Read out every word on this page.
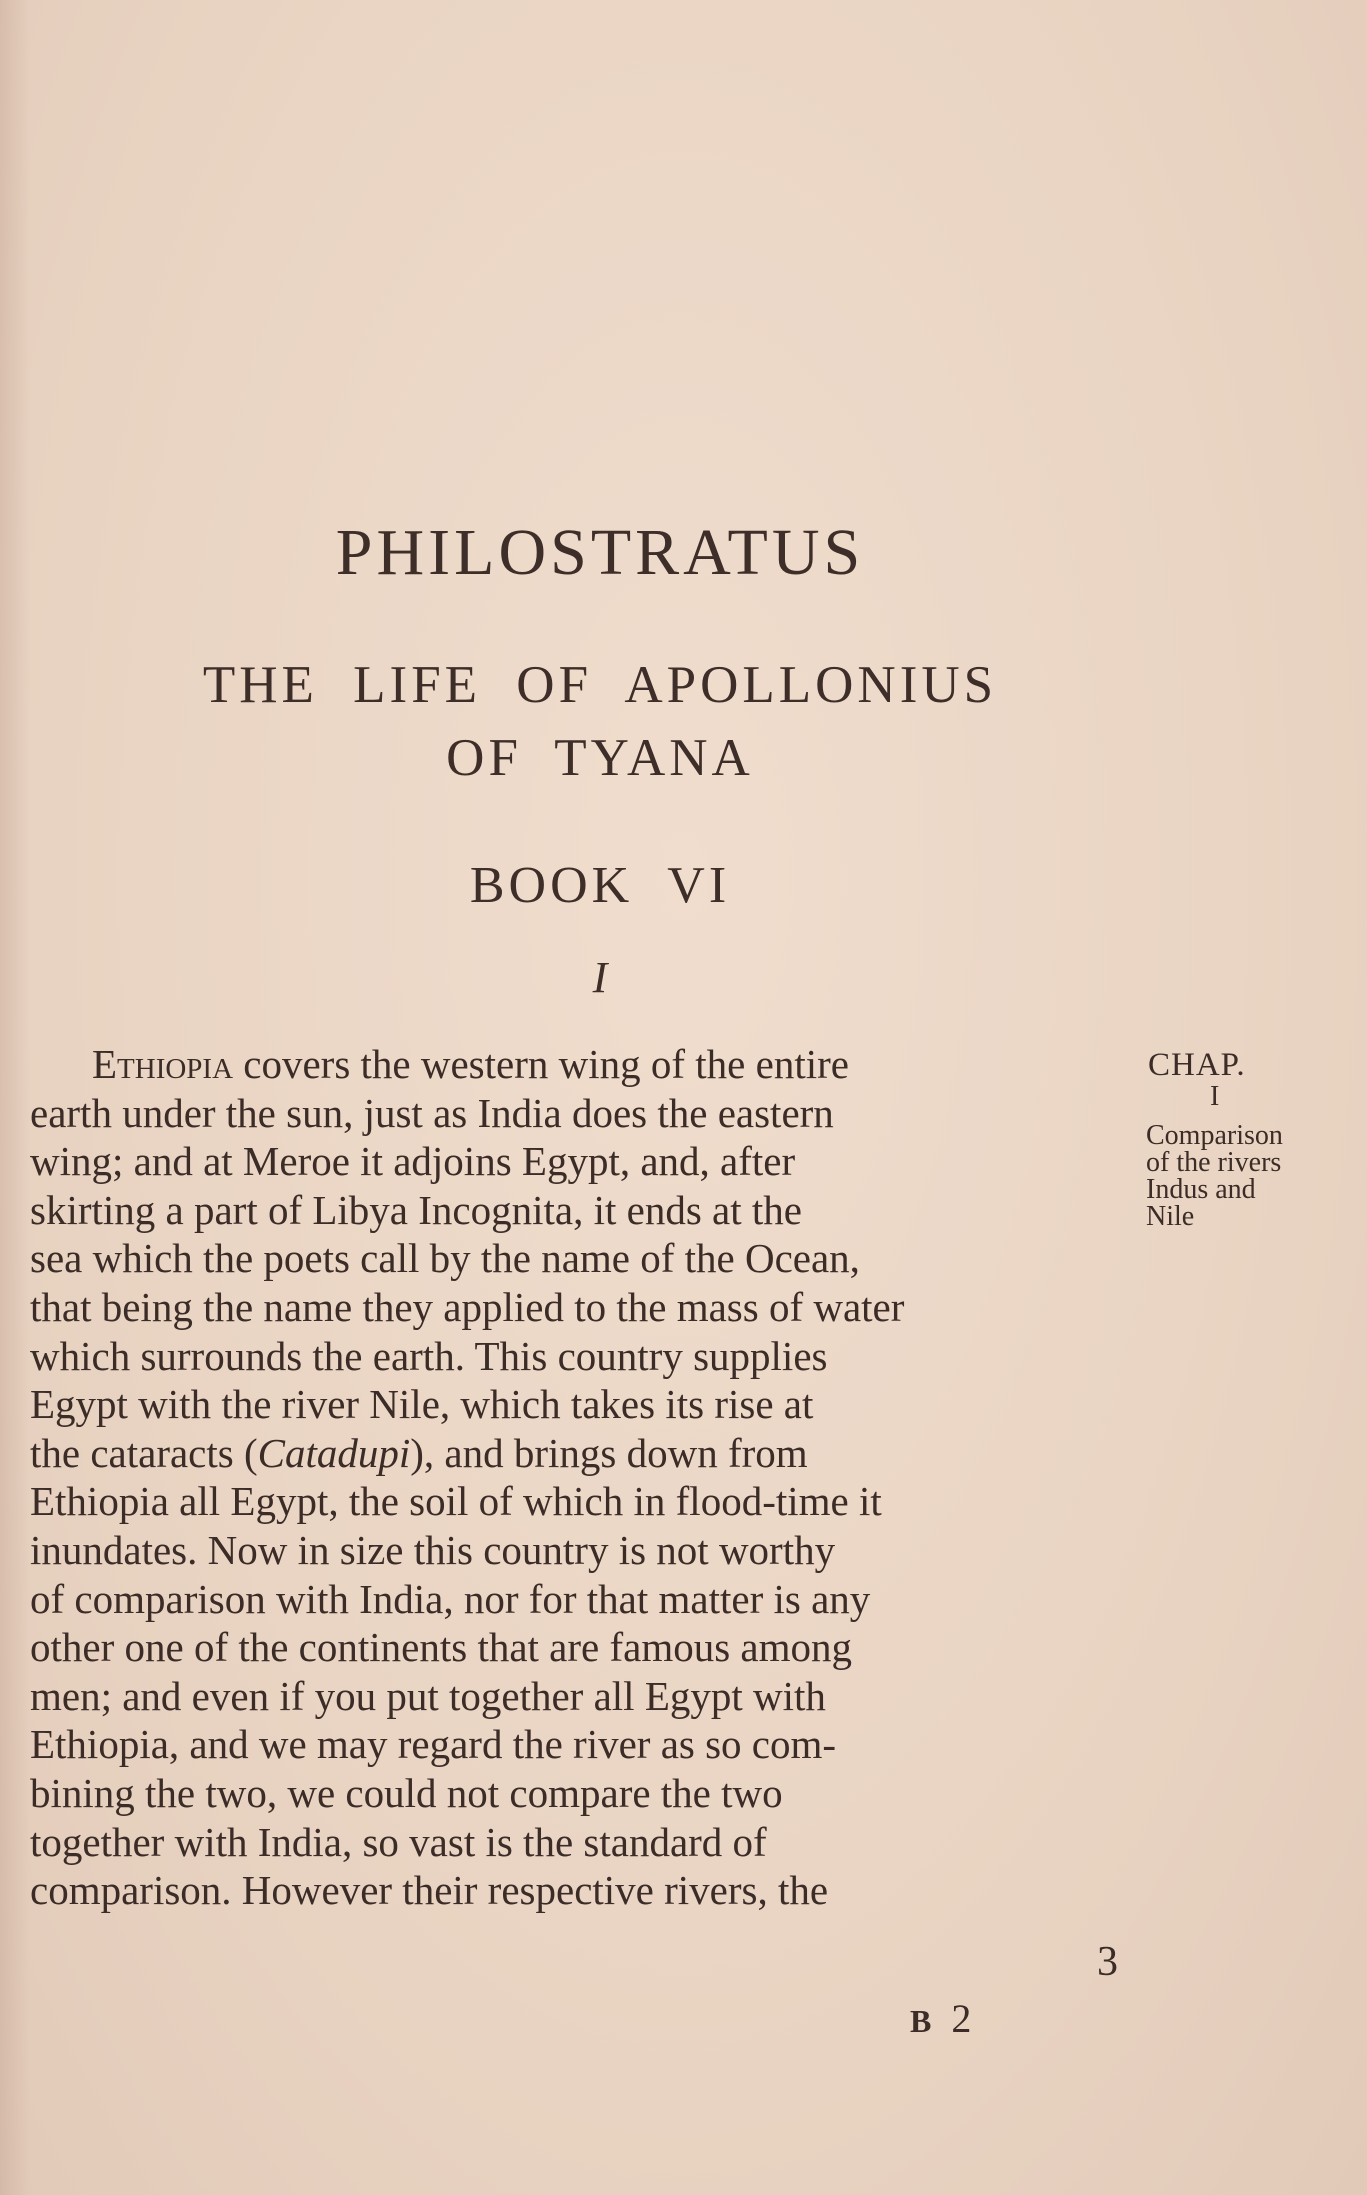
PHILOSTRATUS
THE LIFE OF APOLLONIUS
OF TYANA
BOOK VI
I
CHAP.
I
Comparison
of the rivers
Indus and
Nile
Ethiopia covers the western wing of the entire
earth under the sun, just as India does the eastern
wing; and at Meroe it adjoins Egypt, and, after
skirting a part of Libya Incognita, it ends at the
sea which the poets call by the name of the Ocean,
that being the name they applied to the mass of water
which surrounds the earth. This country supplies
Egypt with the river Nile, which takes its rise at
the cataracts (Catadupi), and brings down from
Ethiopia all Egypt, the soil of which in flood-time it
inundates. Now in size this country is not worthy
of comparison with India, nor for that matter is any
other one of the continents that are famous among
men; and even if you put together all Egypt with
Ethiopia, and we may regard the river as so com-
bining the two, we could not compare the two
together with India, so vast is the standard of
comparison. However their respective rivers, the
3
B 2
